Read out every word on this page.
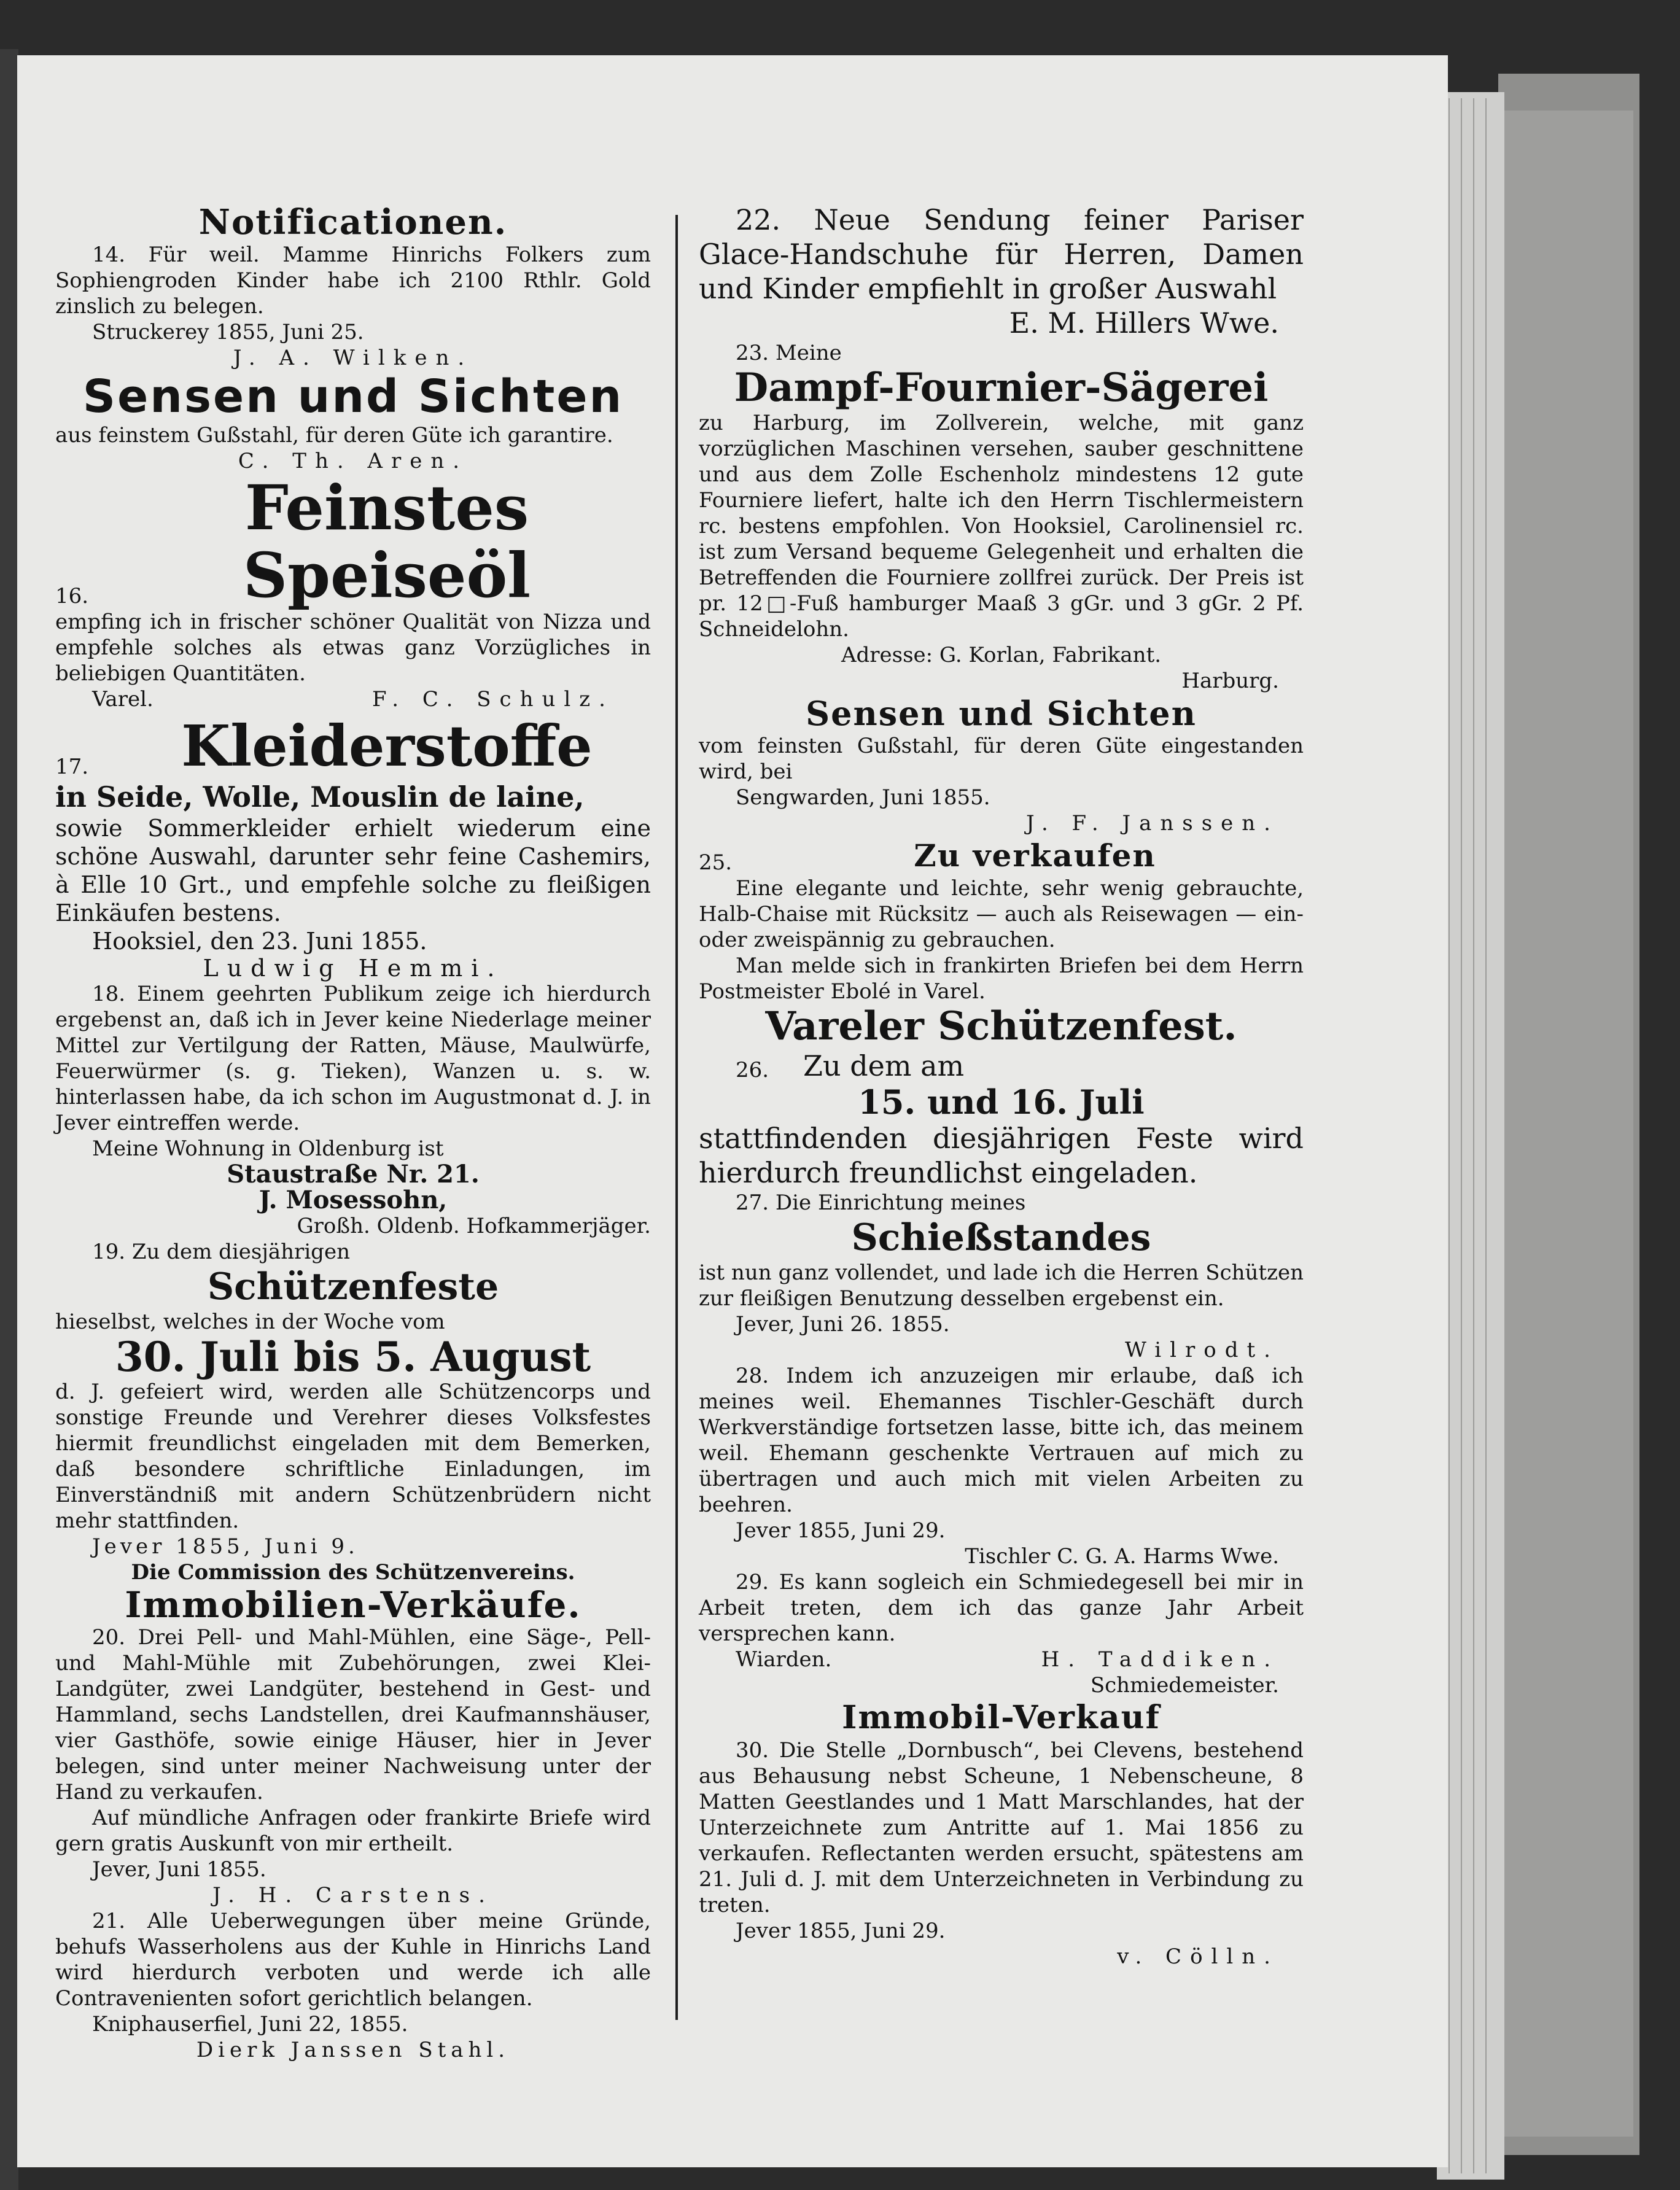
Notificationen.

14. Für weil. Mamme Hinrichs Folkers zum Sophiengroden Kinder habe ich 2100 Rthlr. Gold zinslich zu belegen.

Struckerey 1855, Juni 25.

J. A. Wilken.

Sensen und Sichten

aus feinstem Gußstahl, für deren Güte ich garantire.

C. Th. Aren.

16.
Feinstes Speiseöl

empfing ich in frischer schöner Qualität von Nizza und empfehle solches als etwas ganz Vorzügliches in beliebigen Quantitäten.

Varel.	F. C. Schulz.
17.	Kleiderstoffe

in Seide, Wolle, Mouslin de laine,

sowie Sommerkleider erhielt wiederum eine schöne Auswahl, darunter sehr feine Cashemirs, à Elle 10 Grt., und empfehle solche zu fleißigen Einkäufen bestens.

Hooksiel, den 23. Juni 1855.

Ludwig Hemmi.

18. Einem geehrten Publikum zeige ich hierdurch ergebenst an, daß ich in Jever keine Niederlage meiner Mittel zur Vertilgung der Ratten, Mäuse, Maulwürfe, Feuerwürmer (s. g. Tieken), Wanzen u. s. w. hinterlassen habe, da ich schon im Augustmonat d. J. in Jever eintreffen werde.

Meine Wohnung in Oldenburg ist

Staustraße Nr. 21.

J. Mosessohn,

Großh. Oldenb. Hofkammerjäger.

19. Zu dem diesjährigen

Schützenfeste

hieselbst, welches in der Woche vom

30. Juli bis 5. August

d. J. gefeiert wird, werden alle Schützencorps und sonstige Freunde und Verehrer dieses Volksfestes hiermit freundlichst eingeladen mit dem Bemerken, daß besondere schriftliche Einladungen, im Einverständniß mit andern Schützenbrüdern nicht mehr stattfinden.

Jever 1855, Juni 9.

Die Commission des Schützenvereins.

Immobilien-Verkäufe.

20. Drei Pell- und Mahl-Mühlen, eine Säge-, Pell- und Mahl-Mühle mit Zubehörungen, zwei Klei-Landgüter, zwei Landgüter, bestehend in Gest- und Hammland, sechs Landstellen, drei Kaufmannshäuser, vier Gasthöfe, sowie einige Häuser, hier in Jever belegen, sind unter meiner Nachweisung unter der Hand zu verkaufen.

Auf mündliche Anfragen oder frankirte Briefe wird gern gratis Auskunft von mir ertheilt.

Jever, Juni 1855.

J. H. Carstens.

21. Alle Ueberwegungen über meine Gründe, behufs Wasserholens aus der Kuhle in Hinrichs Land wird hierdurch verboten und werde ich alle Contravenienten sofort gerichtlich belangen.

Kniphauserfiel, Juni 22, 1855.

Dierk Janssen Stahl.

22. Neue Sendung feiner Pariser Glace-Handschuhe für Herren, Damen und Kinder empfiehlt in großer Auswahl

E. M. Hillers Wwe.

23. Meine

Dampf-Fournier-Sägerei

zu Harburg, im Zollverein, welche, mit ganz vorzüglichen Maschinen versehen, sauber geschnittene und aus dem Zolle Eschenholz mindestens 12 gute Fourniere liefert, halte ich den Herrn Tischlermeistern rc. bestens empfohlen. Von Hooksiel, Carolinensiel rc. ist zum Versand bequeme Gelegenheit und erhalten die Betreffenden die Fourniere zollfrei zurück. Der Preis ist pr. 12□-Fuß hamburger Maaß 3 gGr. und 3 gGr. 2 Pf. Schneidelohn.

Adresse: G. Korlan, Fabrikant.

Harburg.

Sensen und Sichten

vom feinsten Gußstahl, für deren Güte eingestanden wird, bei

Sengwarden, Juni 1855.

J. F. Janssen.

25.	Zu verkaufen

Eine elegante und leichte, sehr wenig gebrauchte, Halb-Chaise mit Rücksitz — auch als Reisewagen — ein- oder zweispännig zu gebrauchen.

Man melde sich in frankirten Briefen bei dem Herrn Postmeister Ebolé in Varel.

Vareler Schützenfest.

26.	Zu dem am

15. und 16. Juli

stattfindenden diesjährigen Feste wird hierdurch freundlichst eingeladen.

27. Die Einrichtung meines

Schießstandes

ist nun ganz vollendet, und lade ich die Herren Schützen zur fleißigen Benutzung desselben ergebenst ein.

Jever, Juni 26. 1855.

Wilrodt.

28. Indem ich anzuzeigen mir erlaube, daß ich meines weil. Ehemannes Tischler-Geschäft durch Werkverständige fortsetzen lasse, bitte ich, das meinem weil. Ehemann geschenkte Vertrauen auf mich zu übertragen und auch mich mit vielen Arbeiten zu beehren.

Jever 1855, Juni 29.

Tischler C. G. A. Harms Wwe.

29. Es kann sogleich ein Schmiedegesell bei mir in Arbeit treten, dem ich das ganze Jahr Arbeit versprechen kann.

Wiarden.	H. Taddiken.

Schmiedemeister.

Immobil-Verkauf

30. Die Stelle „Dornbusch“, bei Clevens, bestehend aus Behausung nebst Scheune, 1 Nebenscheune, 8 Matten Geestlandes und 1 Matt Marschlandes, hat der Unterzeichnete zum Antritte auf 1. Mai 1856 zu verkaufen. Reflectanten werden ersucht, spätestens am 21. Juli d. J. mit dem Unterzeichneten in Verbindung zu treten.

Jever 1855, Juni 29.

v. Cölln.
